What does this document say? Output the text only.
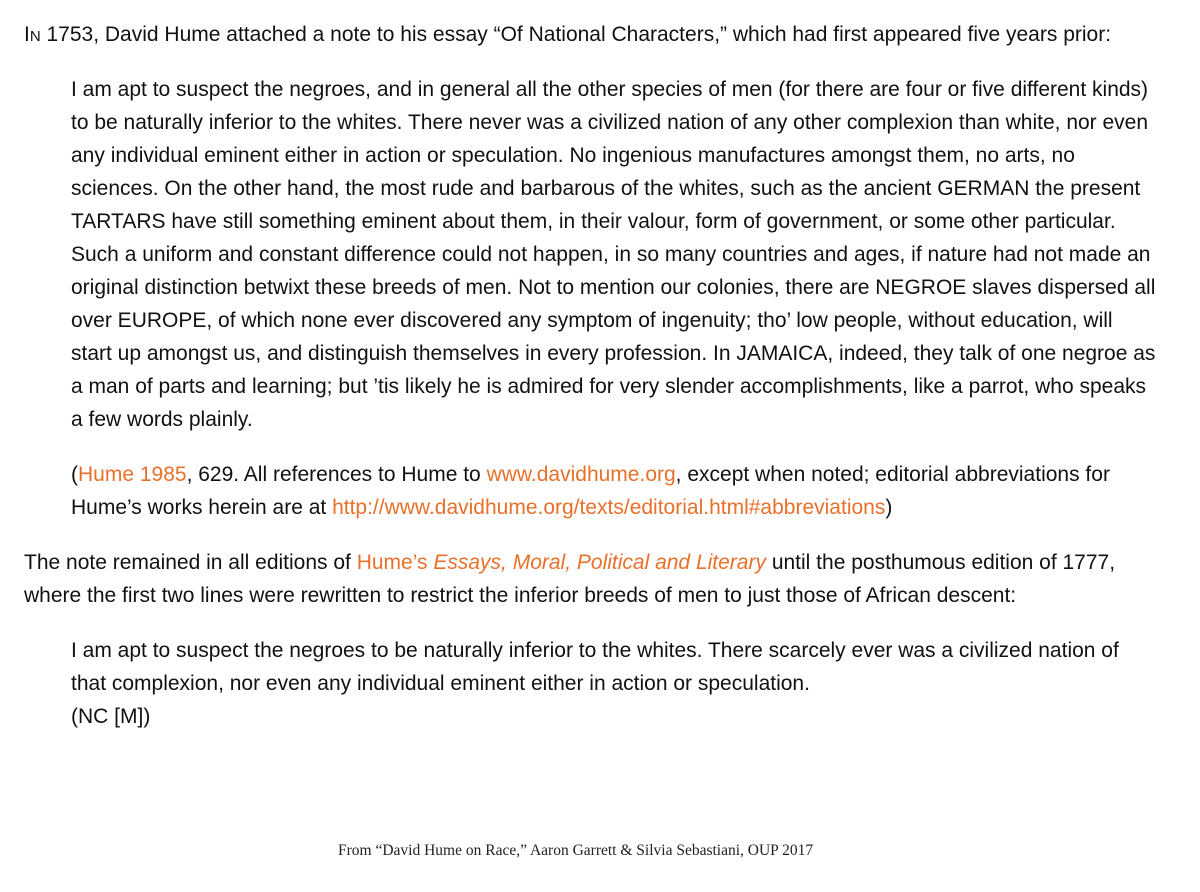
In 1753, David Hume attached a note to his essay “Of National Characters,” which had first appeared five years prior:

I am apt to suspect the negroes, and in general all the other species of men (for there are four or five different kinds) to be naturally inferior to the whites. There never was a civilized nation of any other complexion than white, nor even any individual eminent either in action or speculation. No ingenious manufactures amongst them, no arts, no sciences. On the other hand, the most rude and barbarous of the whites, such as the ancient GERMAN the present TARTARS have still something eminent about them, in their valour, form of government, or some other particular. Such a uniform and constant difference could not happen, in so many countries and ages, if nature had not made an original distinction betwixt these breeds of men. Not to mention our colonies, there are NEGROE slaves dispersed all over EUROPE, of which none ever discovered any symptom of ingenuity; tho’ low people, without education, will start up amongst us, and distinguish themselves in every profession. In JAMAICA, indeed, they talk of one negroe as a man of parts and learning; but ’tis likely he is admired for very slender accomplishments, like a parrot, who speaks a few words plainly.

(Hume 1985, 629. All references to Hume to www.davidhume.org, except when noted; editorial abbreviations for Hume’s works herein are at http://www.davidhume.org/texts/editorial.html#abbreviations)

The note remained in all editions of Hume’s Essays, Moral, Political and Literary until the posthumous edition of 1777, where the first two lines were rewritten to restrict the inferior breeds of men to just those of African descent:

I am apt to suspect the negroes to be naturally inferior to the whites. There scarcely ever was a civilized nation of that complexion, nor even any individual eminent either in action or speculation.
(NC [M])

From “David Hume on Race,” Aaron Garrett & Silvia Sebastiani, OUP 2017
